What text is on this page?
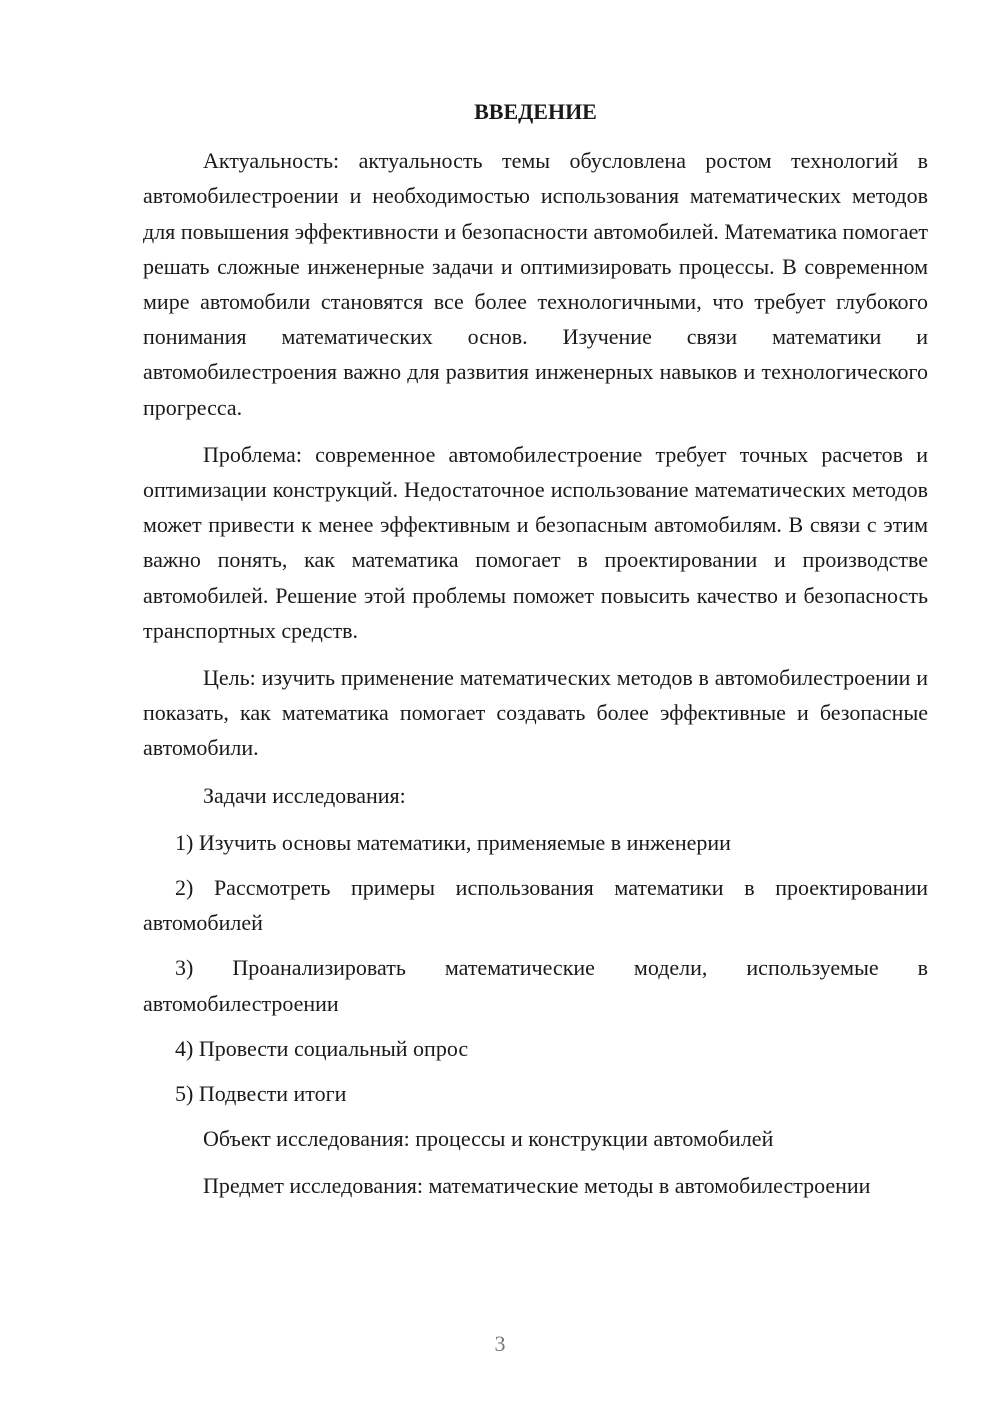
ВВЕДЕНИЕ

Актуальность: актуальность темы обусловлена ростом технологий в автомобилестроении и необходимостью использования математических методов для повышения эффективности и безопасности автомобилей. Математика помогает решать сложные инженерные задачи и оптимизировать процессы. В современном мире автомобили становятся все более технологичными, что требует глубокого понимания математических основ. Изучение связи математики и автомобилестроения важно для развития инженерных навыков и технологического прогресса.

Проблема: современное автомобилестроение требует точных расчетов и оптимизации конструкций. Недостаточное использование математических методов может привести к менее эффективным и безопасным автомобилям. В связи с этим важно понять, как математика помогает в проектировании и производстве автомобилей. Решение этой проблемы поможет повысить качество и безопасность транспортных средств.

Цель: изучить применение математических методов в автомобилестроении и показать, как математика помогает создавать более эффективные и безопасные автомобили.

Задачи исследования:

1) Изучить основы математики, применяемые в инженерии

2) Рассмотреть примеры использования математики в проектировании автомобилей

3) Проанализировать математические модели, используемые в автомобилестроении

4) Провести социальный опрос

5) Подвести итоги

Объект исследования: процессы и конструкции автомобилей

Предмет исследования: математические методы в автомобилестроении

3
